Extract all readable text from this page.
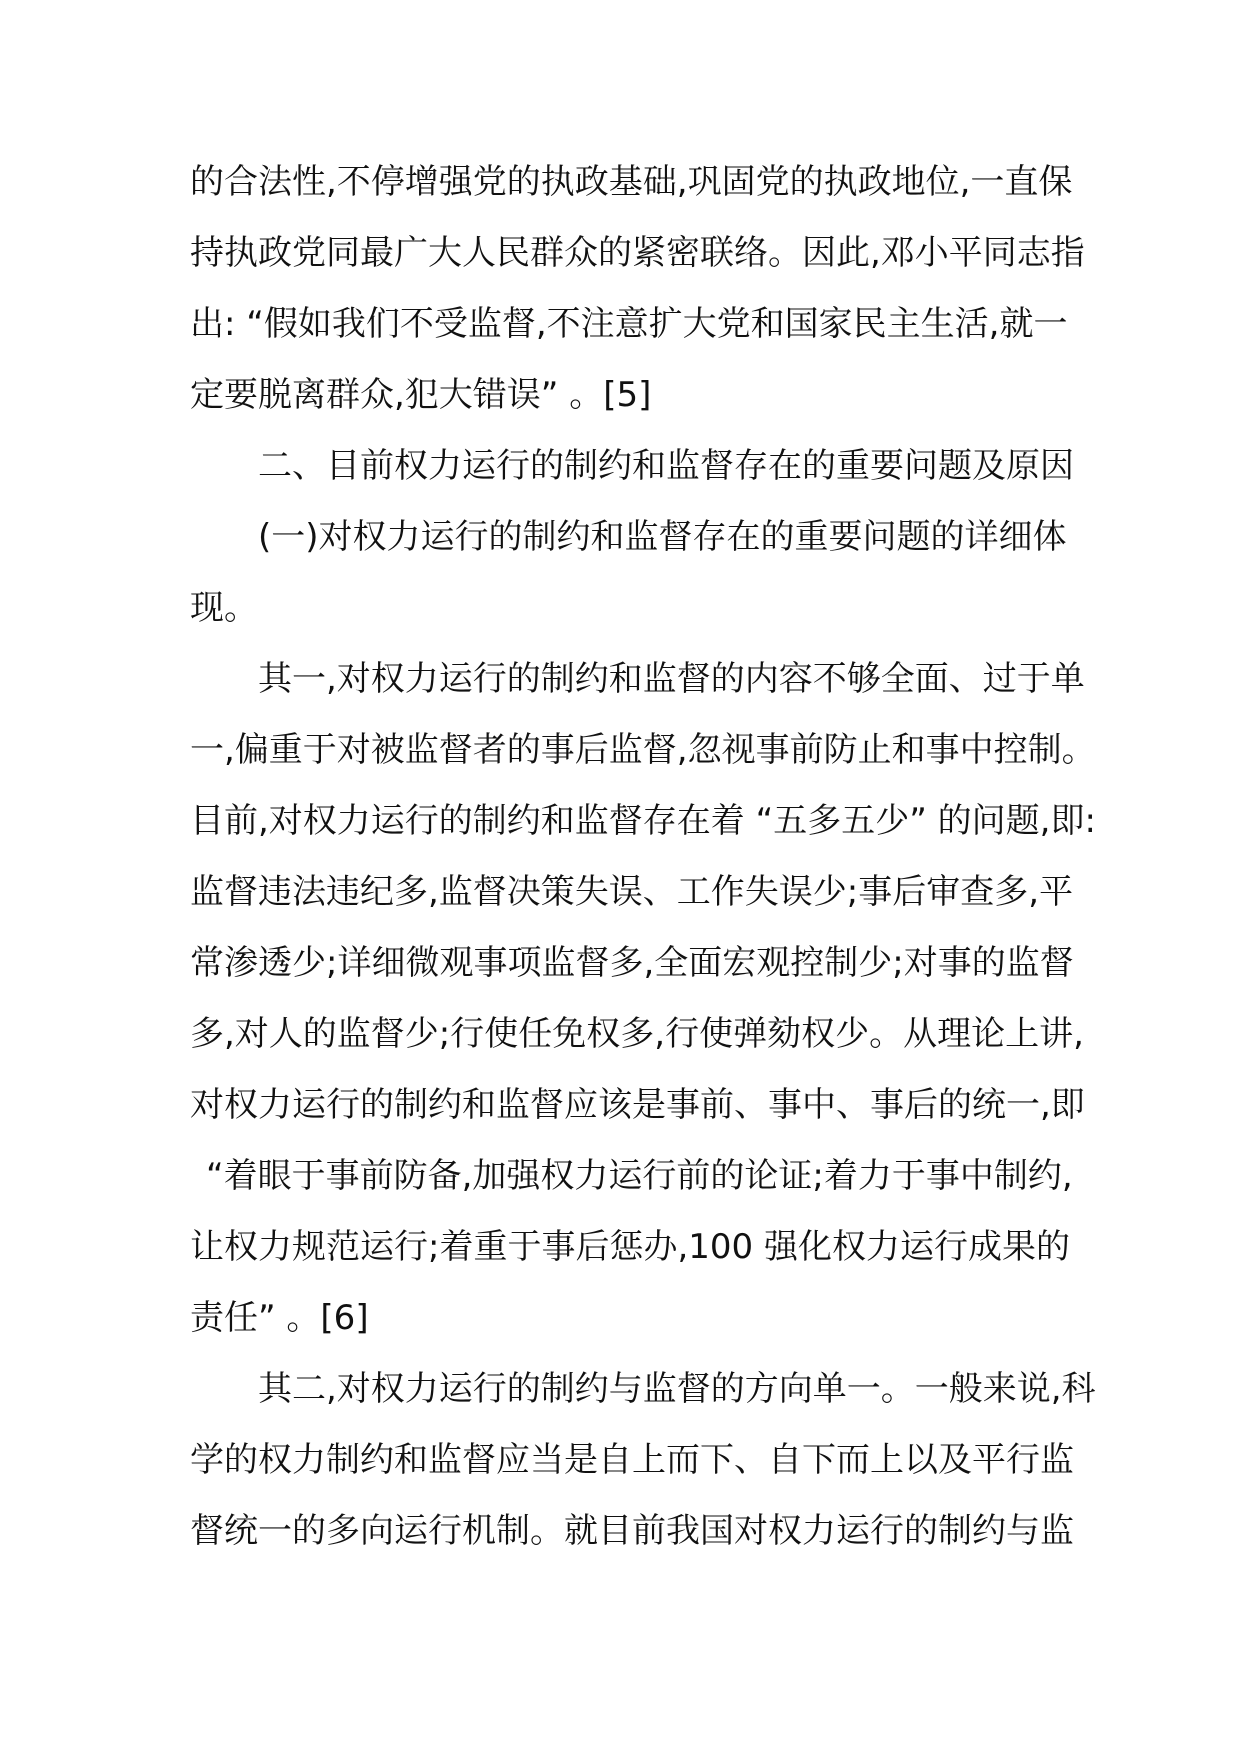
的合法性,不停增强党的执政基础,巩固党的执政地位,一直保
持执政党同最广大人民群众的紧密联络。因此,邓小平同志指
出: “假如我们不受监督,不注意扩大党和国家民主生活,就一
定要脱离群众,犯大错误” 。[5]
二、目前权力运行的制约和监督存在的重要问题及原因
(一)对权力运行的制约和监督存在的重要问题的详细体
现。
其一,对权力运行的制约和监督的内容不够全面、过于单
一,偏重于对被监督者的事后监督,忽视事前防止和事中控制。
目前,对权力运行的制约和监督存在着 “五多五少” 的问题,即:
监督违法违纪多,监督决策失误、工作失误少;事后审查多,平
常渗透少;详细微观事项监督多,全面宏观控制少;对事的监督
多,对人的监督少;行使任免权多,行使弹劾权少。从理论上讲,
对权力运行的制约和监督应该是事前、事中、事后的统一,即
“着眼于事前防备,加强权力运行前的论证;着力于事中制约,
让权力规范运行;着重于事后惩办,100 强化权力运行成果的
责任” 。[6]
其二,对权力运行的制约与监督的方向单一。一般来说,科
学的权力制约和监督应当是自上而下、自下而上以及平行监
督统一的多向运行机制。就目前我国对权力运行的制约与监
